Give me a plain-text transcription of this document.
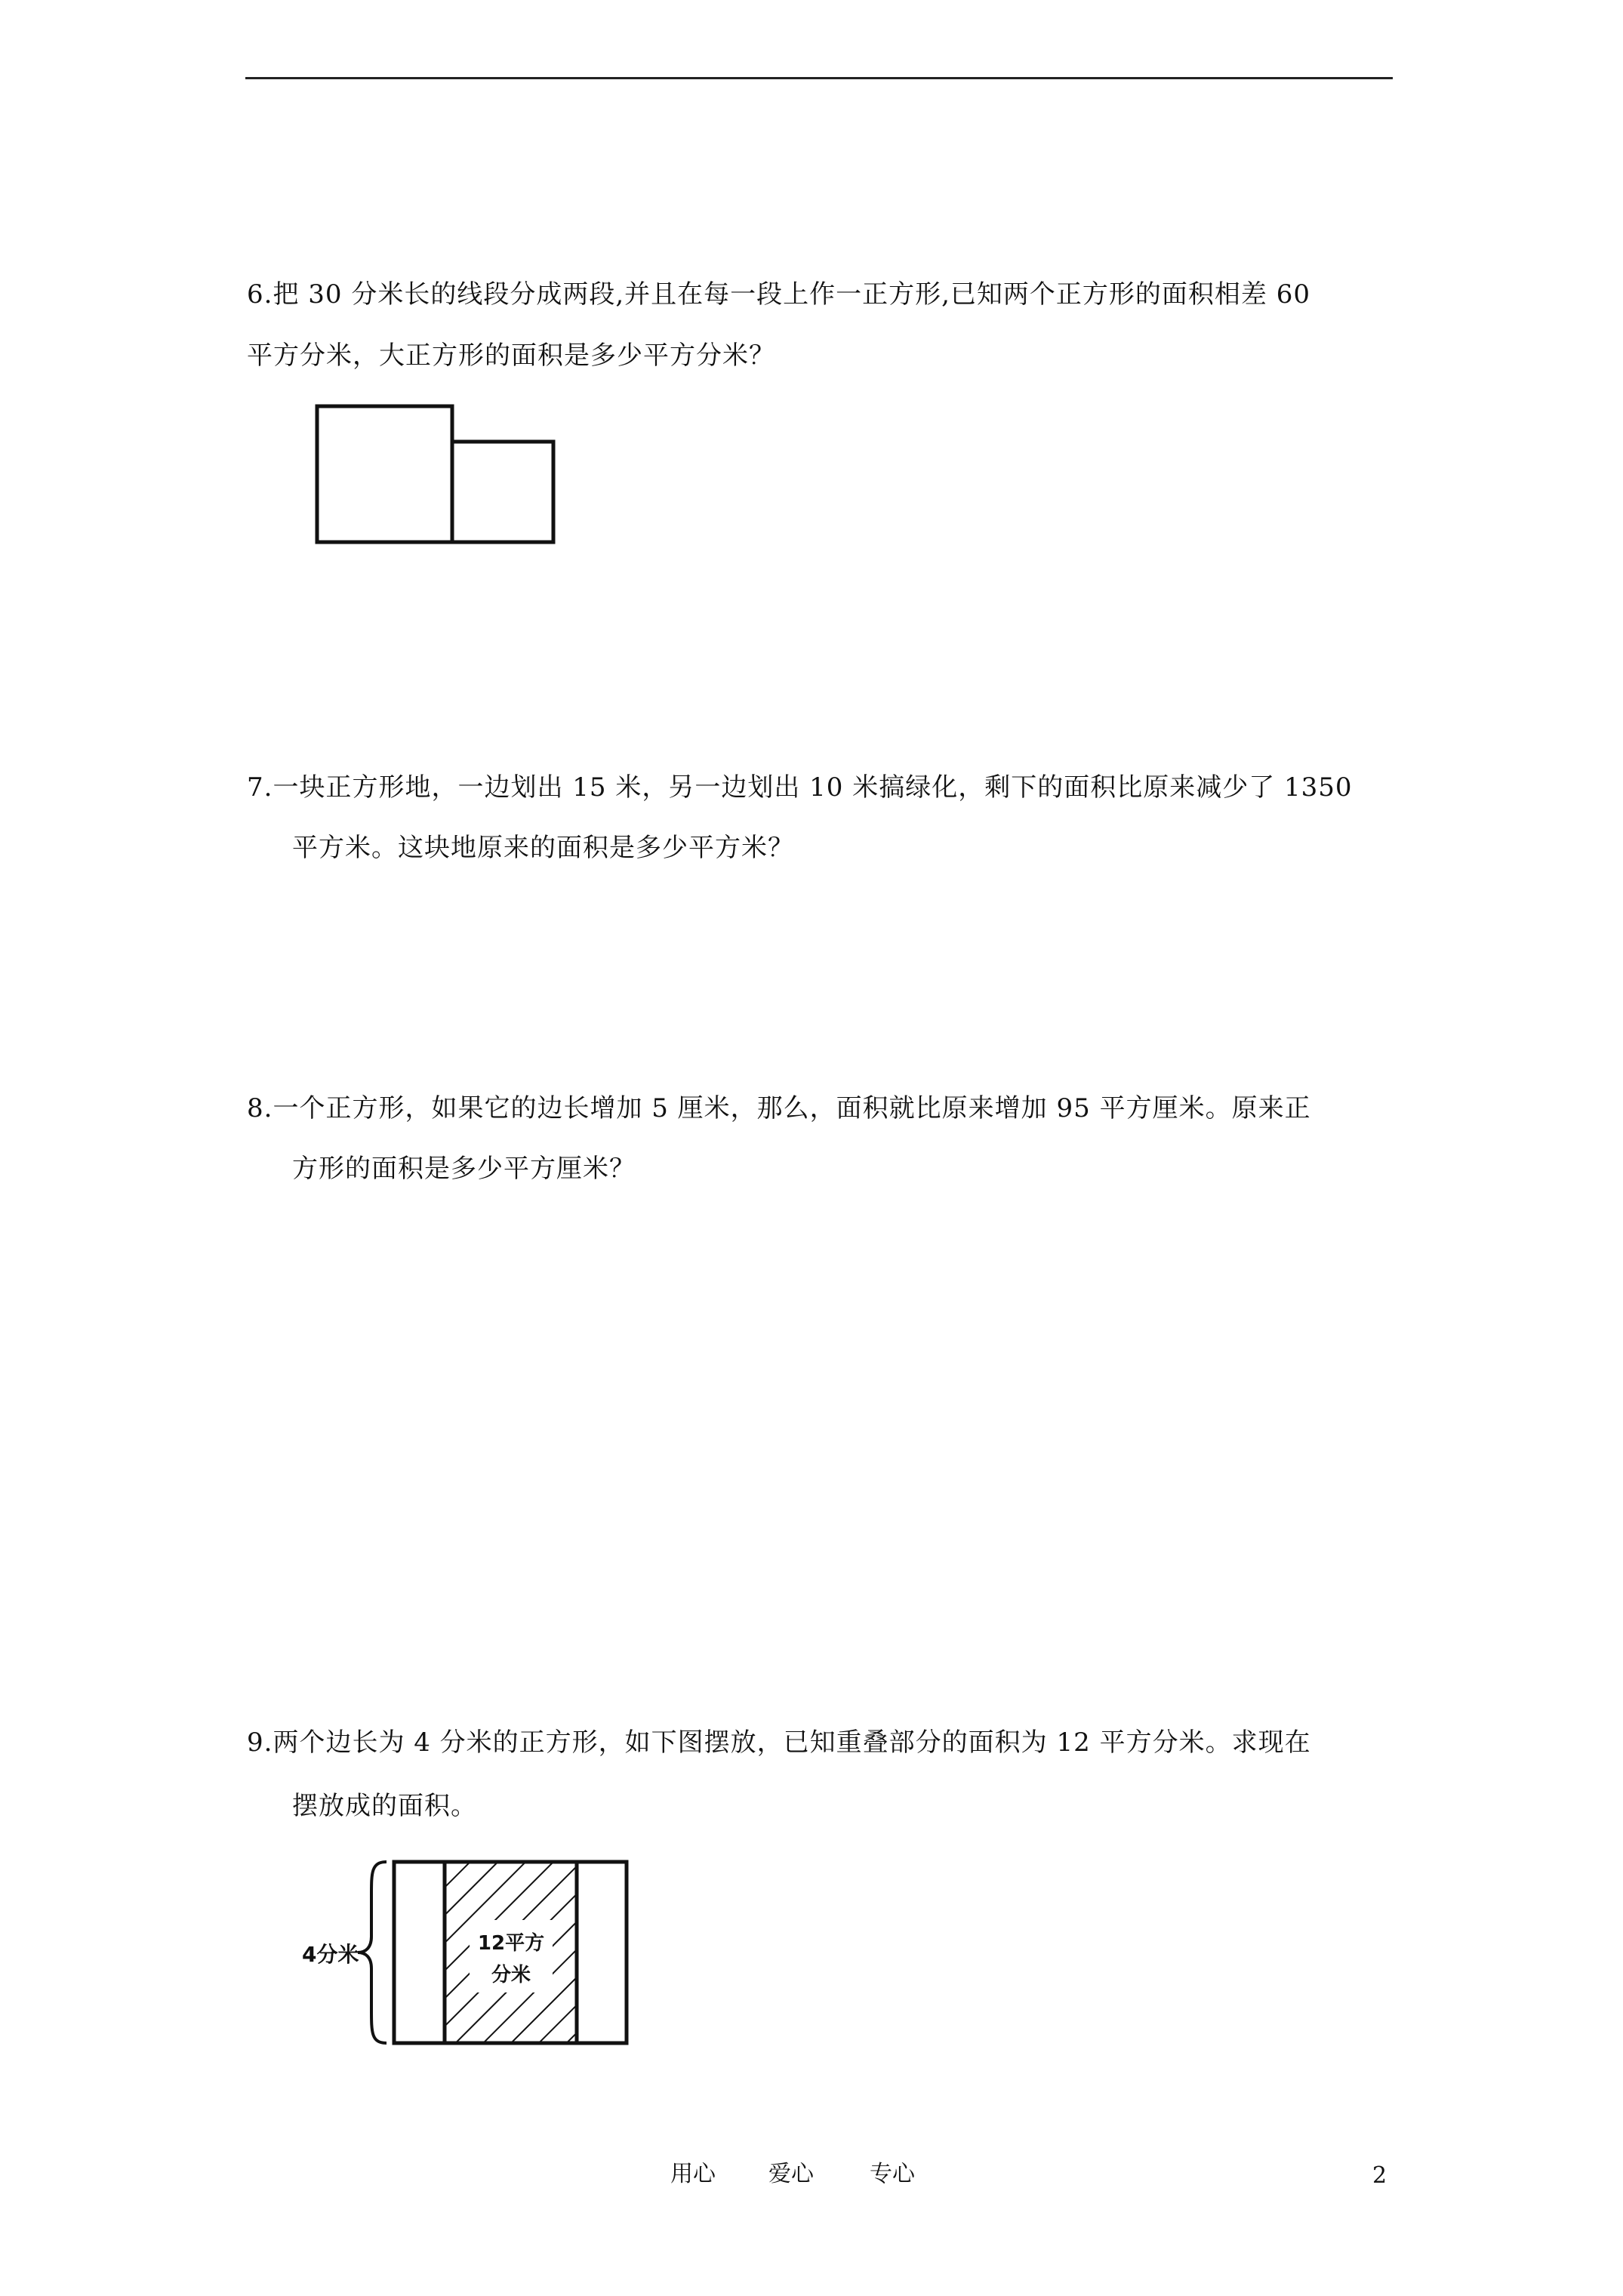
6.把 30 分米长的线段分成两段,并且在每一段上作一正方形,已知两个正方形的面积相差 60
平方分米，大正方形的面积是多少平方分米？
7.一块正方形地，一边划出 15 米，另一边划出 10 米搞绿化，剩下的面积比原来减少了 1350
平方米。这块地原来的面积是多少平方米？
8.一个正方形，如果它的边长增加 5 厘米，那么，面积就比原来增加 95 平方厘米。原来正
方形的面积是多少平方厘米？
9.两个边长为 4 分米的正方形，如下图摆放，已知重叠部分的面积为 12 平方分米。求现在
摆放成的面积。
4分米	12平方
分米
用心 爱心 专心	2
